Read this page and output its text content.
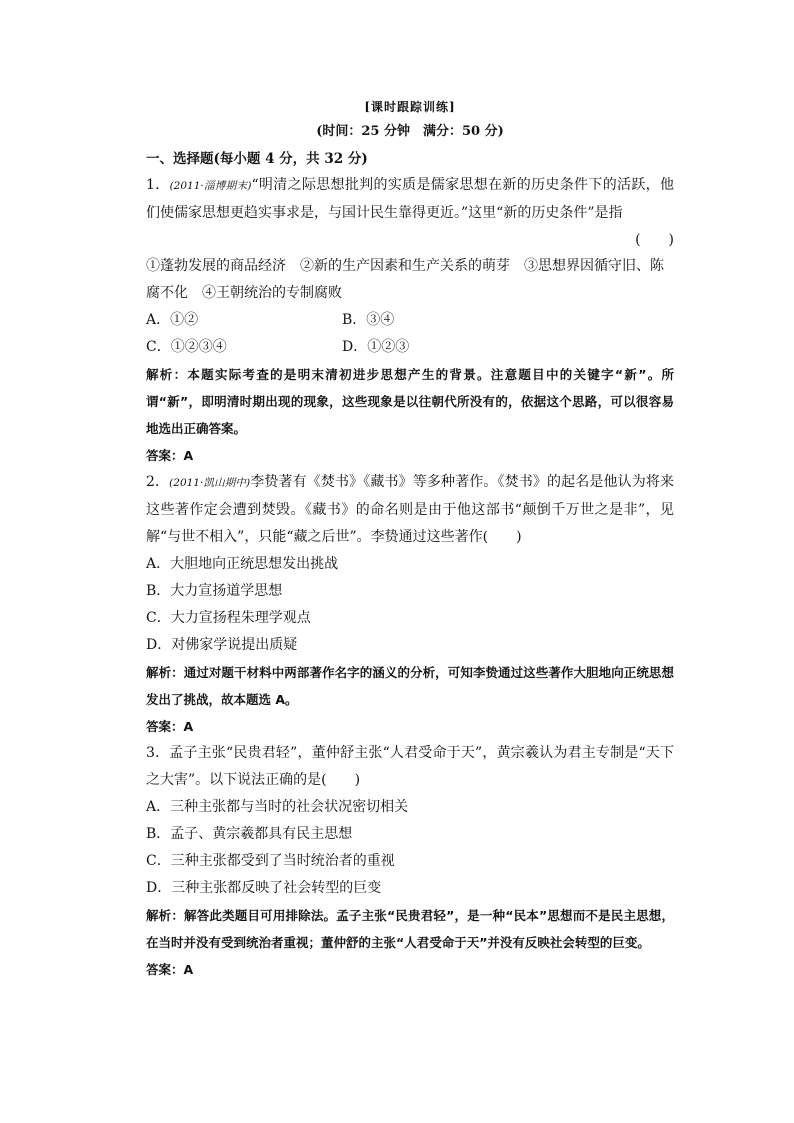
[课时跟踪训练]
(时间：25 分钟　满分：50 分)
一、选择题(每小题 4 分，共 32 分)
1．(2011·淄博期末)“明清之际思想批判的实质是儒家思想在新的历史条件下的活跃，他们使儒家思想更趋实事求是，与国计民生靠得更近。”这里“新的历史条件”是指
(　　)
①蓬勃发展的商品经济　②新的生产因素和生产关系的萌芽　③思想界因循守旧、陈腐不化　④王朝统治的专制腐败
A．①②	B．③④
C．①②③④	D．①②③
解析：本题实际考查的是明末清初进步思想产生的背景。注意题目中的关键字“新”。所谓“新”，即明清时期出现的现象，这些现象是以往朝代所没有的，依据这个思路，可以很容易地选出正确答案。
答案：A
2．(2011·凯山期中)李贽著有《焚书》《藏书》等多种著作。《焚书》的起名是他认为将来这些著作定会遭到焚毁。《藏书》的命名则是由于他这部书“颠倒千万世之是非”，见解“与世不相入”，只能“藏之后世”。李贽通过这些著作(　　)
A．大胆地向正统思想发出挑战
B．大力宣扬道学思想
C．大力宣扬程朱理学观点
D．对佛家学说提出质疑
解析：通过对题干材料中两部著作名字的涵义的分析，可知李贽通过这些著作大胆地向正统思想发出了挑战，故本题选 A。
答案：A
3．孟子主张“民贵君轻”，董仲舒主张“人君受命于天”，黄宗羲认为君主专制是“天下之大害”。以下说法正确的是(　　)
A．三种主张都与当时的社会状况密切相关
B．孟子、黄宗羲都具有民主思想
C．三种主张都受到了当时统治者的重视
D．三种主张都反映了社会转型的巨变
解析：解答此类题目可用排除法。孟子主张“民贵君轻”，是一种“民本”思想而不是民主思想，在当时并没有受到统治者重视；董仲舒的主张“人君受命于天”并没有反映社会转型的巨变。
答案：A
